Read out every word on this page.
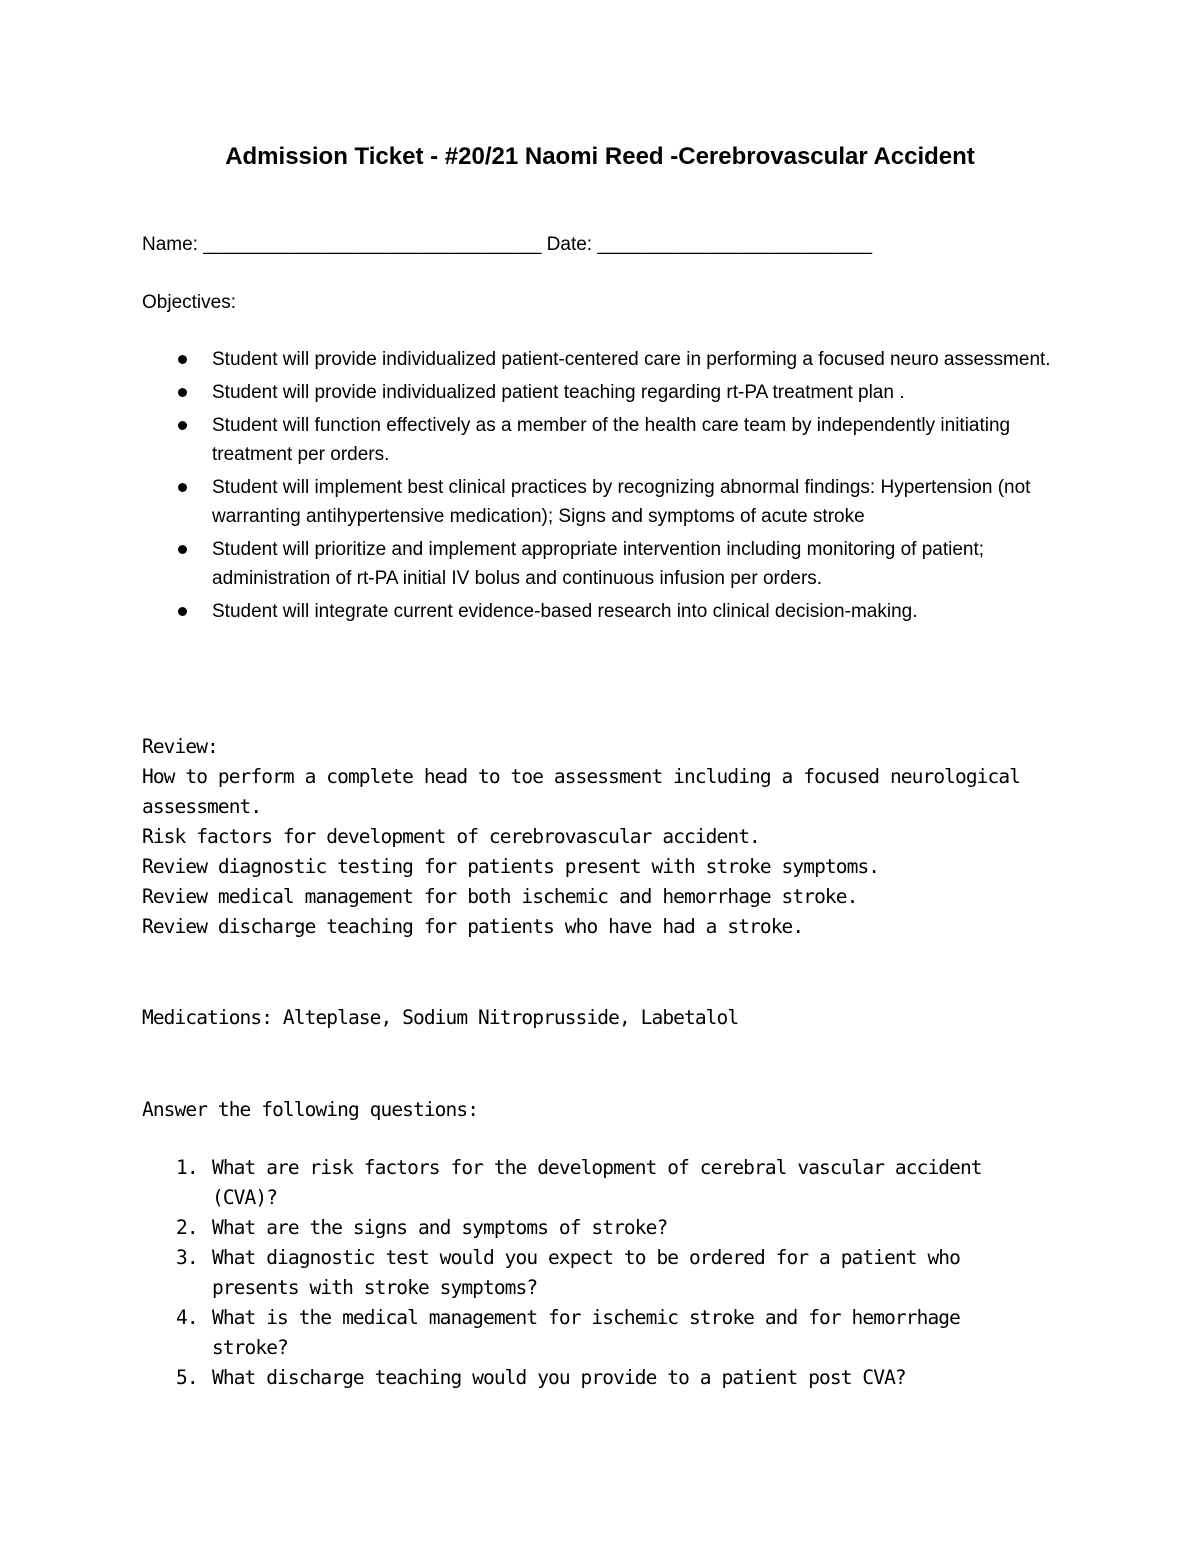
Admission Ticket - #20/21 Naomi Reed -Cerebrovascular Accident

Name: ________________________________ Date: __________________________

Objectives:

Student will provide individualized patient-centered care in performing a focused neuro assessment.
Student will provide individualized patient teaching regarding rt-PA treatment plan .
Student will function effectively as a member of the health care team by independently initiating treatment per orders.
Student will implement best clinical practices by recognizing abnormal findings: Hypertension (not warranting antihypertensive medication); Signs and symptoms of acute stroke
Student will prioritize and implement appropriate intervention including monitoring of patient; administration of rt-PA initial IV bolus and continuous infusion per orders.
Student will integrate current evidence-based research into clinical decision-making.

Review:

How to perform a complete head to toe assessment including a focused neurological assessment.

Risk factors for development of cerebrovascular accident.

Review diagnostic testing for patients present with stroke symptoms.

Review medical management for both ischemic and hemorrhage stroke.

Review discharge teaching for patients who have had a stroke.

Medications: Alteplase, Sodium Nitroprusside, Labetalol

Answer the following questions:

1. What are risk factors for the development of cerebral vascular accident (CVA)?
2. What are the signs and symptoms of stroke?
3. What diagnostic test would you expect to be ordered for a patient who presents with stroke symptoms?
4. What is the medical management for ischemic stroke and for hemorrhage stroke?
5. What discharge teaching would you provide to a patient post CVA?
